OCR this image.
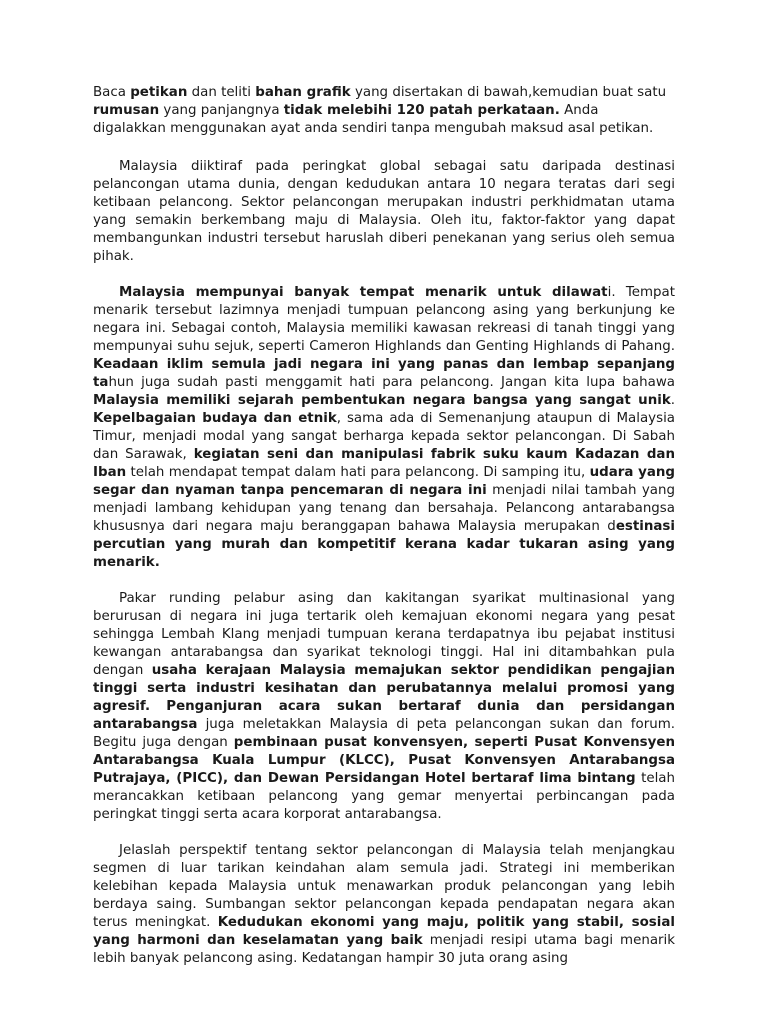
Baca petikan dan teliti bahan grafik yang disertakan di bawah,kemudian buat satu rumusan yang panjangnya tidak melebihi 120 patah perkataan. Anda digalakkan menggunakan ayat anda sendiri tanpa mengubah maksud asal petikan.

Malaysia diiktiraf pada peringkat global sebagai satu daripada destinasi pelancongan utama dunia, dengan kedudukan antara 10 negara teratas dari segi ketibaan pelancong. Sektor pelancongan merupakan industri perkhidmatan utama yang semakin berkembang maju di Malaysia. Oleh itu, faktor-faktor yang dapat membangunkan industri tersebut haruslah diberi penekanan yang serius oleh semua pihak.

Malaysia mempunyai banyak tempat menarik untuk dilawati. Tempat menarik tersebut lazimnya menjadi tumpuan pelancong asing yang berkunjung ke negara ini. Sebagai contoh, Malaysia memiliki kawasan rekreasi di tanah tinggi yang mempunyai suhu sejuk, seperti Cameron Highlands dan Genting Highlands di Pahang. Keadaan iklim semula jadi negara ini yang panas dan lembap sepanjang tahun juga sudah pasti menggamit hati para pelancong. Jangan kita lupa bahawa Malaysia memiliki sejarah pembentukan negara bangsa yang sangat unik. Kepelbagaian budaya dan etnik, sama ada di Semenanjung ataupun di Malaysia Timur, menjadi modal yang sangat berharga kepada sektor pelancongan. Di Sabah dan Sarawak, kegiatan seni dan manipulasi fabrik suku kaum Kadazan dan Iban telah mendapat tempat dalam hati para pelancong. Di samping itu, udara yang segar dan nyaman tanpa pencemaran di negara ini menjadi nilai tambah yang menjadi lambang kehidupan yang tenang dan bersahaja. Pelancong antarabangsa khususnya dari negara maju beranggapan bahawa Malaysia merupakan destinasi percutian yang murah dan kompetitif kerana kadar tukaran asing yang menarik.

Pakar runding pelabur asing dan kakitangan syarikat multinasional yang berurusan di negara ini juga tertarik oleh kemajuan ekonomi negara yang pesat sehingga Lembah Klang menjadi tumpuan kerana terdapatnya ibu pejabat institusi kewangan antarabangsa dan syarikat teknologi tinggi. Hal ini ditambahkan pula dengan usaha kerajaan Malaysia memajukan sektor pendidikan pengajian tinggi serta industri kesihatan dan perubatannya melalui promosi yang agresif. Penganjuran acara sukan bertaraf dunia dan persidangan antarabangsa juga meletakkan Malaysia di peta pelancongan sukan dan forum. Begitu juga dengan pembinaan pusat konvensyen, seperti Pusat Konvensyen Antarabangsa Kuala Lumpur (KLCC), Pusat Konvensyen Antarabangsa Putrajaya, (PICC), dan Dewan Persidangan Hotel bertaraf lima bintang telah merancakkan ketibaan pelancong yang gemar menyertai perbincangan pada peringkat tinggi serta acara korporat antarabangsa.

Jelaslah perspektif tentang sektor pelancongan di Malaysia telah menjangkau segmen di luar tarikan keindahan alam semula jadi. Strategi ini memberikan kelebihan kepada Malaysia untuk menawarkan produk pelancongan yang lebih berdaya saing. Sumbangan sektor pelancongan kepada pendapatan negara akan terus meningkat. Kedudukan ekonomi yang maju, politik yang stabil, sosial yang harmoni dan keselamatan yang baik menjadi resipi utama bagi menarik lebih banyak pelancong asing. Kedatangan hampir 30 juta orang asing
